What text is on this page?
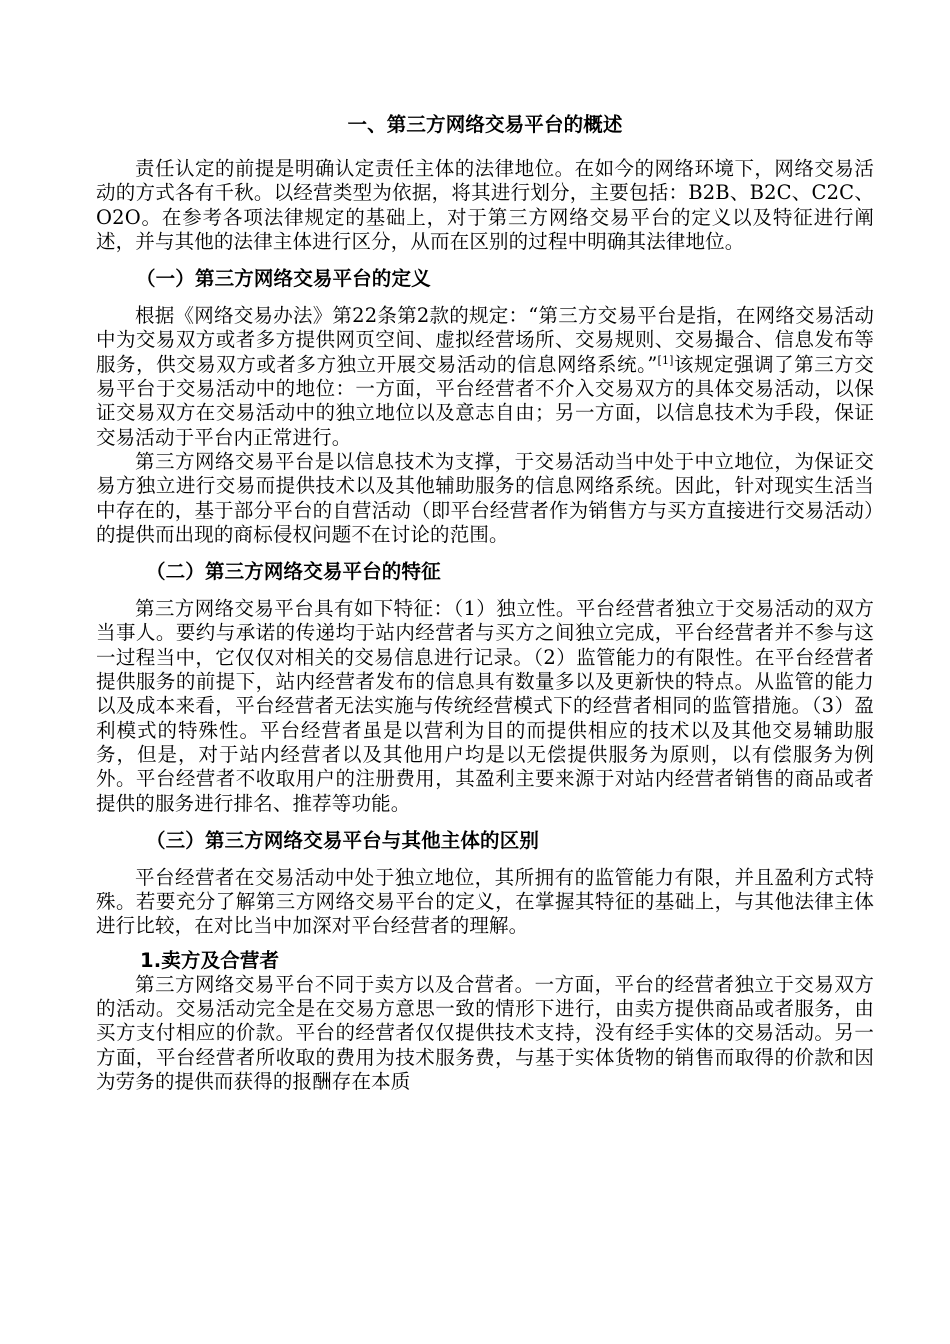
一、第三方网络交易平台的概述

责任认定的前提是明确认定责任主体的法律地位。在如今的网络环境下，网络交易活动的方式各有千秋。以经营类型为依据，将其进行划分，主要包括：B2B、B2C、C2C、O2O。在参考各项法律规定的基础上，对于第三方网络交易平台的定义以及特征进行阐述，并与其他的法律主体进行区分，从而在区别的过程中明确其法律地位。

（一）第三方网络交易平台的定义

根据《网络交易办法》第22条第2款的规定：“第三方交易平台是指，在网络交易活动中为交易双方或者多方提供网页空间、虚拟经营场所、交易规则、交易撮合、信息发布等服务，供交易双方或者多方独立开展交易活动的信息网络系统。”[1]该规定强调了第三方交易平台于交易活动中的地位：一方面，平台经营者不介入交易双方的具体交易活动，以保证交易双方在交易活动中的独立地位以及意志自由；另一方面，以信息技术为手段，保证交易活动于平台内正常进行。

第三方网络交易平台是以信息技术为支撑，于交易活动当中处于中立地位，为保证交易方独立进行交易而提供技术以及其他辅助服务的信息网络系统。因此，针对现实生活当中存在的，基于部分平台的自营活动（即平台经营者作为销售方与买方直接进行交易活动）的提供而出现的商标侵权问题不在讨论的范围。

（二）第三方网络交易平台的特征

第三方网络交易平台具有如下特征：（1）独立性。平台经营者独立于交易活动的双方当事人。要约与承诺的传递均于站内经营者与买方之间独立完成，平台经营者并不参与这一过程当中，它仅仅对相关的交易信息进行记录。（2）监管能力的有限性。在平台经营者提供服务的前提下，站内经营者发布的信息具有数量多以及更新快的特点。从监管的能力以及成本来看，平台经营者无法实施与传统经营模式下的经营者相同的监管措施。（3）盈利模式的特殊性。平台经营者虽是以营利为目的而提供相应的技术以及其他交易辅助服务，但是，对于站内经营者以及其他用户均是以无偿提供服务为原则，以有偿服务为例外。平台经营者不收取用户的注册费用，其盈利主要来源于对站内经营者销售的商品或者提供的服务进行排名、推荐等功能。

（三）第三方网络交易平台与其他主体的区别

平台经营者在交易活动中处于独立地位，其所拥有的监管能力有限，并且盈利方式特殊。若要充分了解第三方网络交易平台的定义，在掌握其特征的基础上，与其他法律主体进行比较，在对比当中加深对平台经营者的理解。

1.卖方及合营者

第三方网络交易平台不同于卖方以及合营者。一方面，平台的经营者独立于交易双方的活动。交易活动完全是在交易方意思一致的情形下进行，由卖方提供商品或者服务，由买方支付相应的价款。平台的经营者仅仅提供技术支持，没有经手实体的交易活动。另一方面，平台经营者所收取的费用为技术服务费，与基于实体货物的销售而取得的价款和因为劳务的提供而获得的报酬存在本质
